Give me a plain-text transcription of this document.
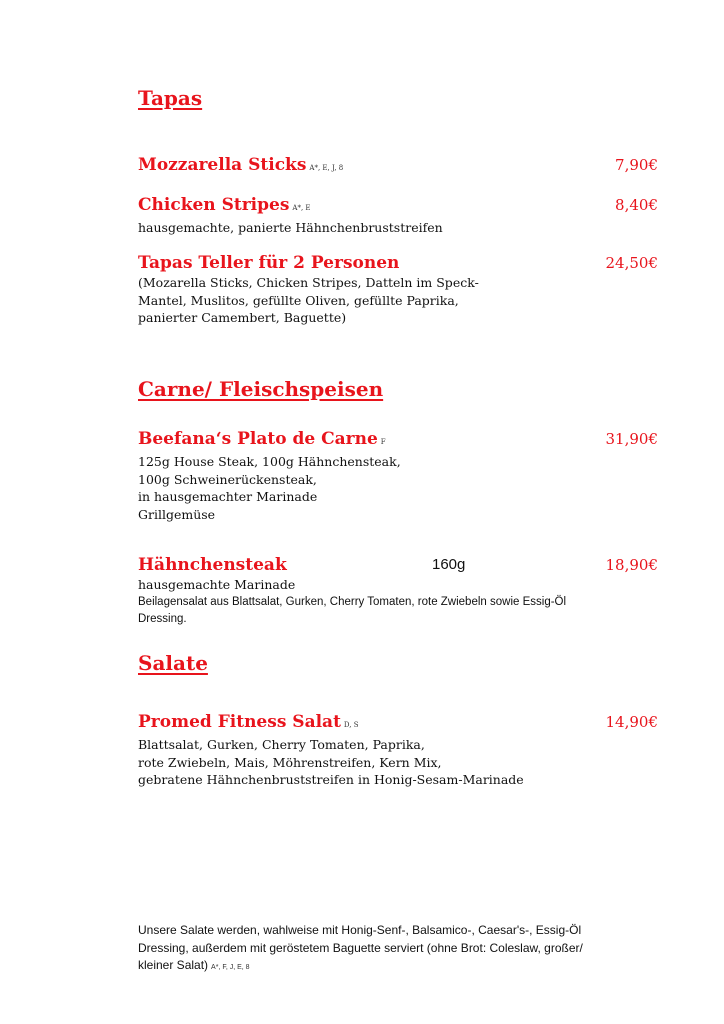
Tapas
Mozzarella Sticks A*, E, J, 8	7,90€
Chicken Stripes A*, E	8,40€
hausgemachte, panierte Hähnchenbruststreifen
Tapas Teller für 2 Personen	24,50€
(Mozarella Sticks, Chicken Stripes, Datteln im Speck-
Mantel, Muslitos, gefüllte Oliven, gefüllte Paprika,
panierter Camembert, Baguette)
Carne/ Fleischspeisen
Beefana‘s Plato de Carne F	31,90€
125g House Steak, 100g Hähnchensteak,
100g Schweinerückensteak,
in hausgemachter Marinade
Grillgemüse
Hähnchensteak	160g	18,90€
hausgemachte Marinade
Beilagensalat aus Blattsalat, Gurken, Cherry Tomaten, rote Zwiebeln sowie Essig-Öl
Dressing.
Salate
Promed Fitness Salat D, S	14,90€
Blattsalat, Gurken, Cherry Tomaten, Paprika,
rote Zwiebeln, Mais, Möhrenstreifen, Kern Mix,
gebratene Hähnchenbruststreifen in Honig-Sesam-Marinade
Unsere Salate werden, wahlweise mit Honig-Senf-, Balsamico-, Caesar's-, Essig-Öl
Dressing, außerdem mit geröstetem Baguette serviert (ohne Brot: Coleslaw, großer/
kleiner Salat) A*, F, J, E, 8
